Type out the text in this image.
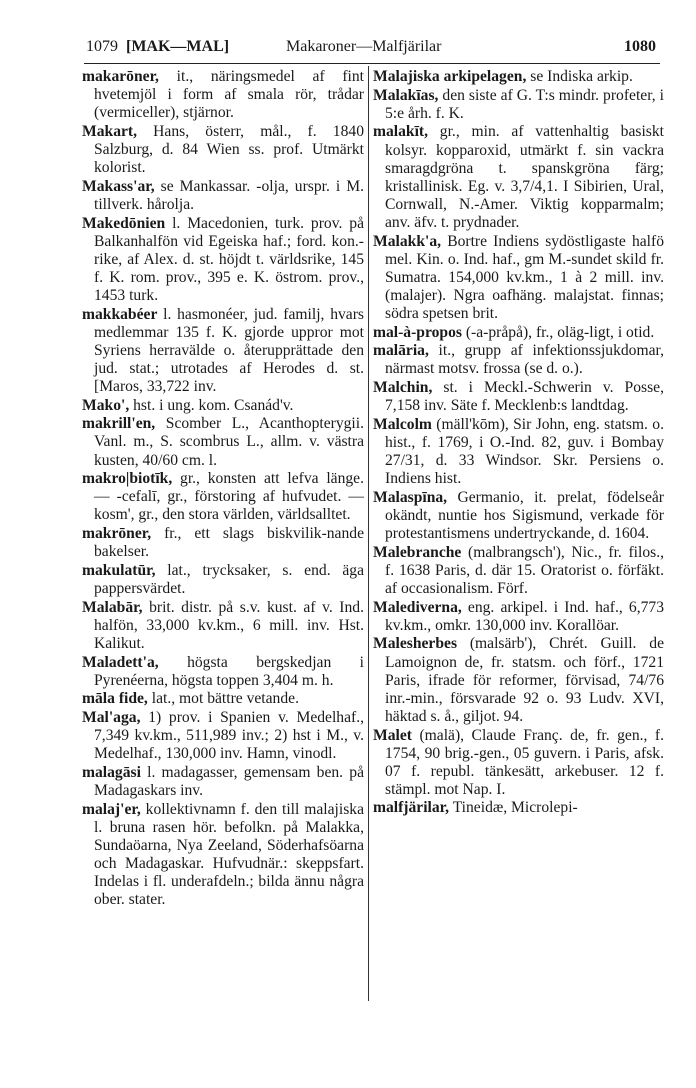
1079 [MAK—MAL]	Makaroner—Malfjärilar	1080

makarōner, it., näringsmedel af fint hvetemjöl i form af smala rör, trådar (vermiceller), stjärnor.

Makart, Hans, österr, mål., f. 1840 Salzburg, d. 84 Wien ss. prof. Utmärkt kolorist.

Makass'ar, se Mankassar. -olja, urspr. i M. tillverk. hårolja.

Makedōnien l. Macedonien, turk. prov. på Balkanhalfön vid Egeiska haf.; ford. kon.-rike, af Alex. d. st. höjdt t. världsrike, 145 f. K. rom. prov., 395 e. K. östrom. prov., 1453 turk.

makkabéer l. hasmonéer, jud. familj, hvars medlemmar 135 f. K. gjorde uppror mot Syriens herravälde o. återupprättade den jud. stat.; utrotades af Herodes d. st. [Maros, 33,722 inv.

Mako', hst. i ung. kom. Csanád'v.

makrill'en, Scomber L., Acanthopterygii. Vanl. m., S. scombrus L., allm. v. västra kusten, 40/60 cm. l.

makro|biotīk, gr., konsten att lefva länge. — -cefalī, gr., förstoring af hufvudet. — kosm', gr., den stora världen, världsalltet.

makrōner, fr., ett slags biskvilik-nande bakelser.

makulatūr, lat., trycksaker, s. end. äga pappersvärdet.

Malabār, brit. distr. på s.v. kust. af v. Ind. halfön, 33,000 kv.km., 6 mill. inv. Hst. Kalikut.

Maladett'a, högsta bergskedjan i Pyrenéerna, högsta toppen 3,404 m. h.

māla fide, lat., mot bättre vetande.

Mal'aga, 1) prov. i Spanien v. Medelhaf., 7,349 kv.km., 511,989 inv.; 2) hst i M., v. Medelhaf., 130,000 inv. Hamn, vinodl.

malagāsi l. madagasser, gemensam ben. på Madagaskars inv.

malaj'er, kollektivnamn f. den till malajiska l. bruna rasen hör. befolkn. på Malakka, Sundaöarna, Nya Zeeland, Söderhafsöarna och Madagaskar. Hufvudnär.: skeppsfart. Indelas i fl. underafdeln.; bildа ännu några ober. stater.

Malajiska arkipelagen, se Indiska arkip.

Malakīas, den siste af G. T:s mindr. profeter, i 5:e årh. f. K.

malakīt, gr., min. af vattenhaltig basiskt kolsyr. kopparoxid, utmärkt f. sin vackra smaragdgröna t. spanskgröna färg; kristallinisk. Eg. v. 3,7/4,1. I Sibirien, Ural, Cornwall, N.-Amer. Viktig kopparmalm; anv. äfv. t. prydnader.

Malakk'a, Bortre Indiens sydöstligaste halfö mel. Kin. o. Ind. haf., gm M.-sundet skild fr. Sumatra. 154,000 kv.km., 1 à 2 mill. inv. (malajer). Ngra oafhäng. malajstat. finnas; södra spetsen brit.

mal-à-propos (-a-pråpå), fr., oläg-ligt, i otid.

malāria, it., grupp af infektionssjukdomar, närmast motsv. frossa (se d. o.).

Malchin, st. i Meckl.-Schwerin v. Posse, 7,158 inv. Säte f. Mecklenb:s landtdag.

Malcolm (mäll'kōm), Sir John, eng. statsm. o. hist., f. 1769, i O.-Ind. 82, guv. i Bombay 27/31, d. 33 Windsor. Skr. Persiens o. Indiens hist.

Malaspīna, Germanio, it. prelat, födelseår okändt, nuntie hos Sigismund, verkade för protestantismens undertryckande, d. 1604.

Malebranche (malbrangsch'), Nic., fr. filos., f. 1638 Paris, d. där 15. Oratorist o. förfäkt. af occasionalism. Förf.

Malediverna, eng. arkipel. i Ind. haf., 6,773 kv.km., omkr. 130,000 inv. Korallöar.

Malesherbes (malsärb'), Chrét. Guill. de Lamoignon de, fr. statsm. och förf., 1721 Paris, ifrade för reformer, förvisad, 74/76 inr.-min., försvarade 92 o. 93 Ludv. XVI, häktad s. å., giljot. 94.

Malet (malä), Claude Franç. de, fr. gen., f. 1754, 90 brig.-gen., 05 guvern. i Paris, afsk. 07 f. republ. tänkesätt, arkebuser. 12 f. stämpl. mot Nap. I.

malfjärilar, Tineidæ, Microlepi-
